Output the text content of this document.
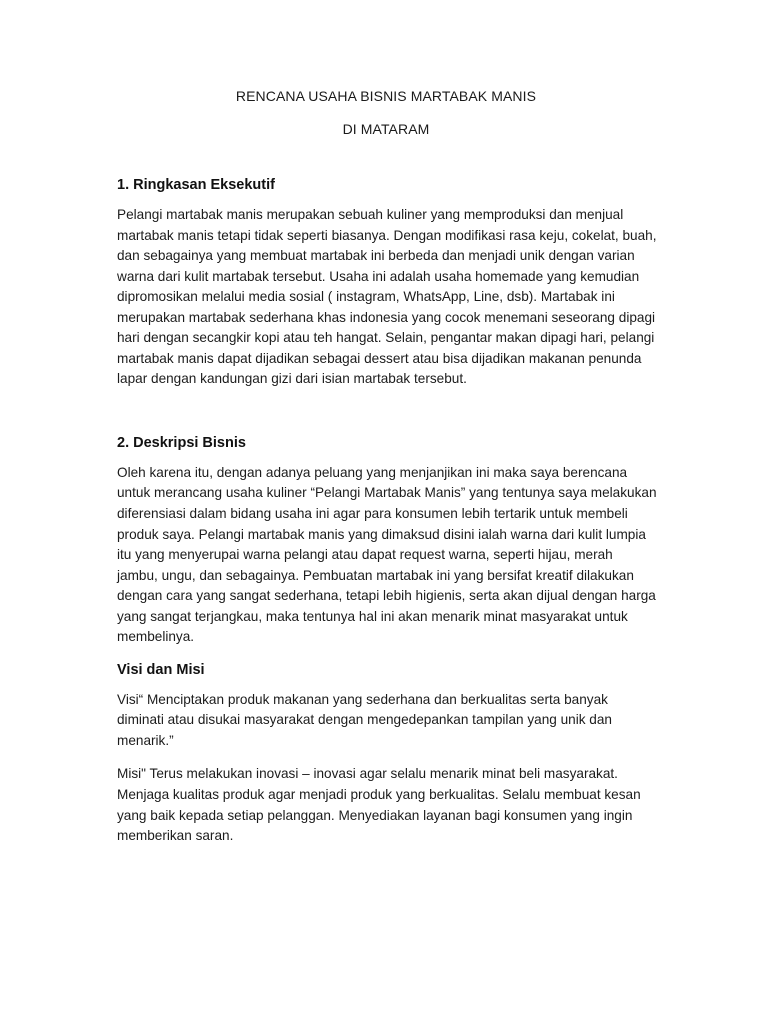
RENCANA USAHA BISNIS MARTABAK MANIS

DI MATARAM

1. Ringkasan Eksekutif

Pelangi martabak manis merupakan sebuah kuliner yang memproduksi dan menjual martabak manis tetapi tidak seperti biasanya. Dengan modifikasi rasa keju, cokelat, buah, dan sebagainya yang membuat martabak ini berbeda dan menjadi unik dengan varian warna dari kulit martabak tersebut. Usaha ini adalah usaha homemade yang kemudian dipromosikan melalui media sosial ( instagram, WhatsApp, Line, dsb). Martabak ini merupakan martabak sederhana khas indonesia yang cocok menemani seseorang dipagi hari dengan secangkir kopi atau teh hangat. Selain, pengantar makan dipagi hari, pelangi martabak manis dapat dijadikan sebagai dessert atau bisa dijadikan makanan penunda lapar dengan kandungan gizi dari isian martabak tersebut.

2. Deskripsi Bisnis

Oleh karena itu, dengan adanya peluang yang menjanjikan ini maka saya berencana untuk merancang usaha kuliner “Pelangi Martabak Manis” yang tentunya saya melakukan diferensiasi dalam bidang usaha ini agar para konsumen lebih tertarik untuk membeli produk saya. Pelangi martabak manis yang dimaksud disini ialah warna dari kulit lumpia itu yang menyerupai warna pelangi atau dapat request warna, seperti hijau, merah jambu, ungu, dan sebagainya. Pembuatan martabak ini yang bersifat kreatif dilakukan dengan cara yang sangat sederhana, tetapi lebih higienis, serta akan dijual dengan harga yang sangat terjangkau, maka tentunya hal ini akan menarik minat masyarakat untuk membelinya.

Visi dan Misi

Visi“ Menciptakan produk makanan yang sederhana dan berkualitas serta banyak diminati atau disukai masyarakat dengan mengedepankan tampilan yang unik dan menarik.”

Misi" Terus melakukan inovasi – inovasi agar selalu menarik minat beli masyarakat. Menjaga kualitas produk agar menjadi produk yang berkualitas. Selalu membuat kesan yang baik kepada setiap pelanggan. Menyediakan layanan bagi konsumen yang ingin memberikan saran.
